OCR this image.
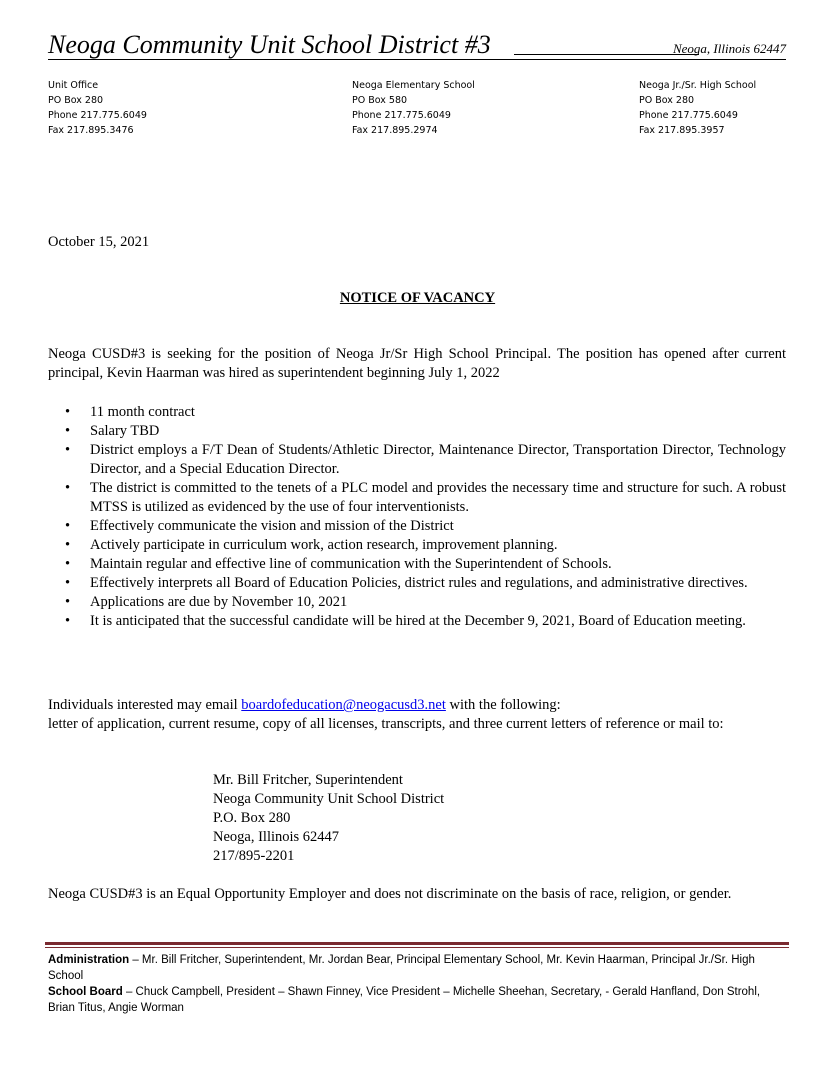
Neoga Community Unit School District #3	Neoga, Illinois 62447
Unit Office
PO Box 280
Phone 217.775.6049
Fax 217.895.3476
Neoga Elementary School
PO Box 580
Phone 217.775.6049
Fax 217.895.2974
Neoga Jr./Sr. High School
PO Box 280
Phone 217.775.6049
Fax 217.895.3957
October 15, 2021
NOTICE OF VACANCY
Neoga CUSD#3 is seeking for the position of Neoga Jr/Sr High School Principal. The position has opened after current principal, Kevin Haarman was hired as superintendent beginning July 1, 2022
• 11 month contract
• Salary TBD
• District employs a F/T Dean of Students/Athletic Director, Maintenance Director, Transportation Director, Technology Director, and a Special Education Director.
• The district is committed to the tenets of a PLC model and provides the necessary time and structure for such. A robust MTSS is utilized as evidenced by the use of four interventionists.
• Effectively communicate the vision and mission of the District
• Actively participate in curriculum work, action research, improvement planning.
• Maintain regular and effective line of communication with the Superintendent of Schools.
• Effectively interprets all Board of Education Policies, district rules and regulations, and administrative directives.
• Applications are due by November 10, 2021
• It is anticipated that the successful candidate will be hired at the December 9, 2021, Board of Education meeting.
Individuals interested may email boardofeducation@neogacusd3.net with the following:
letter of application, current resume, copy of all licenses, transcripts, and three current letters of reference or mail to:
Mr. Bill Fritcher, Superintendent
Neoga Community Unit School District
P.O. Box 280
Neoga, Illinois 62447
217/895-2201
Neoga CUSD#3 is an Equal Opportunity Employer and does not discriminate on the basis of race, religion, or gender.
Administration – Mr. Bill Fritcher, Superintendent, Mr. Jordan Bear, Principal Elementary School, Mr. Kevin Haarman, Principal Jr./Sr. High School
School Board – Chuck Campbell, President – Shawn Finney, Vice President – Michelle Sheehan, Secretary, - Gerald Hanfland, Don Strohl, Brian Titus, Angie Worman
